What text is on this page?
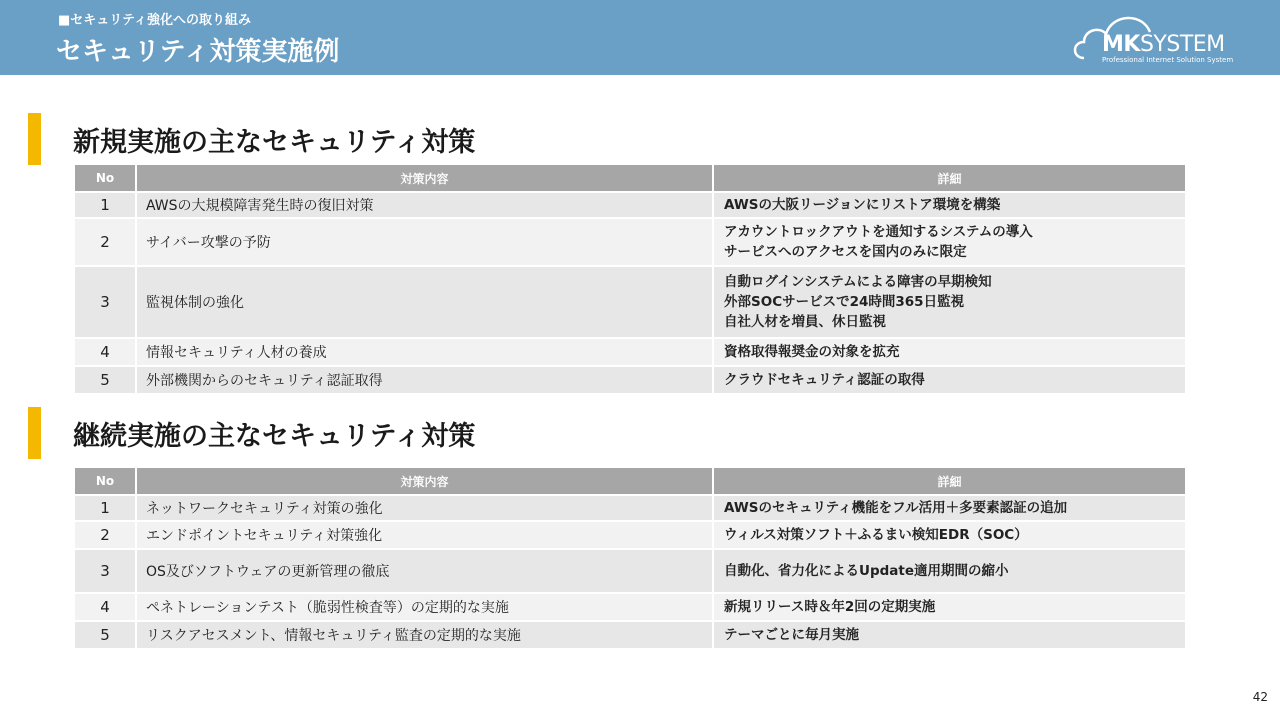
■セキュリティ強化への取り組み
セキュリティ対策実施例	MKSYSTEM
Professional Internet Solution System
新規実施の主なセキュリティ対策
No	対策内容	詳細
1	AWSの大規模障害発生時の復旧対策	AWSの大阪リージョンにリストア環境を構築

2	サイバー攻撃の予防	アカウントロックアウトを通知するシステムの導入
サービスへのアクセスを国内のみに限定

3	監視体制の強化	自動ログインシステムによる障害の早期検知
外部SOCサービスで24時間365日監視
自社人材を増員、休日監視

4	情報セキュリティ人材の養成	資格取得報奨金の対象を拡充

5	外部機関からのセキュリティ認証取得	クラウドセキュリティ認証の取得
継続実施の主なセキュリティ対策
No	対策内容	詳細
1	ネットワークセキュリティ対策の強化	AWSのセキュリティ機能をフル活用＋多要素認証の追加

2	エンドポイントセキュリティ対策強化	ウィルス対策ソフト＋ふるまい検知EDR（SOC）

3	OS及びソフトウェアの更新管理の徹底	自動化、省力化によるUpdate適用期間の縮小

4	ペネトレーションテスト（脆弱性検査等）の定期的な実施	新規リリース時＆年2回の定期実施

5	リスクアセスメント、情報セキュリティ監査の定期的な実施	テーマごとに毎月実施
42
